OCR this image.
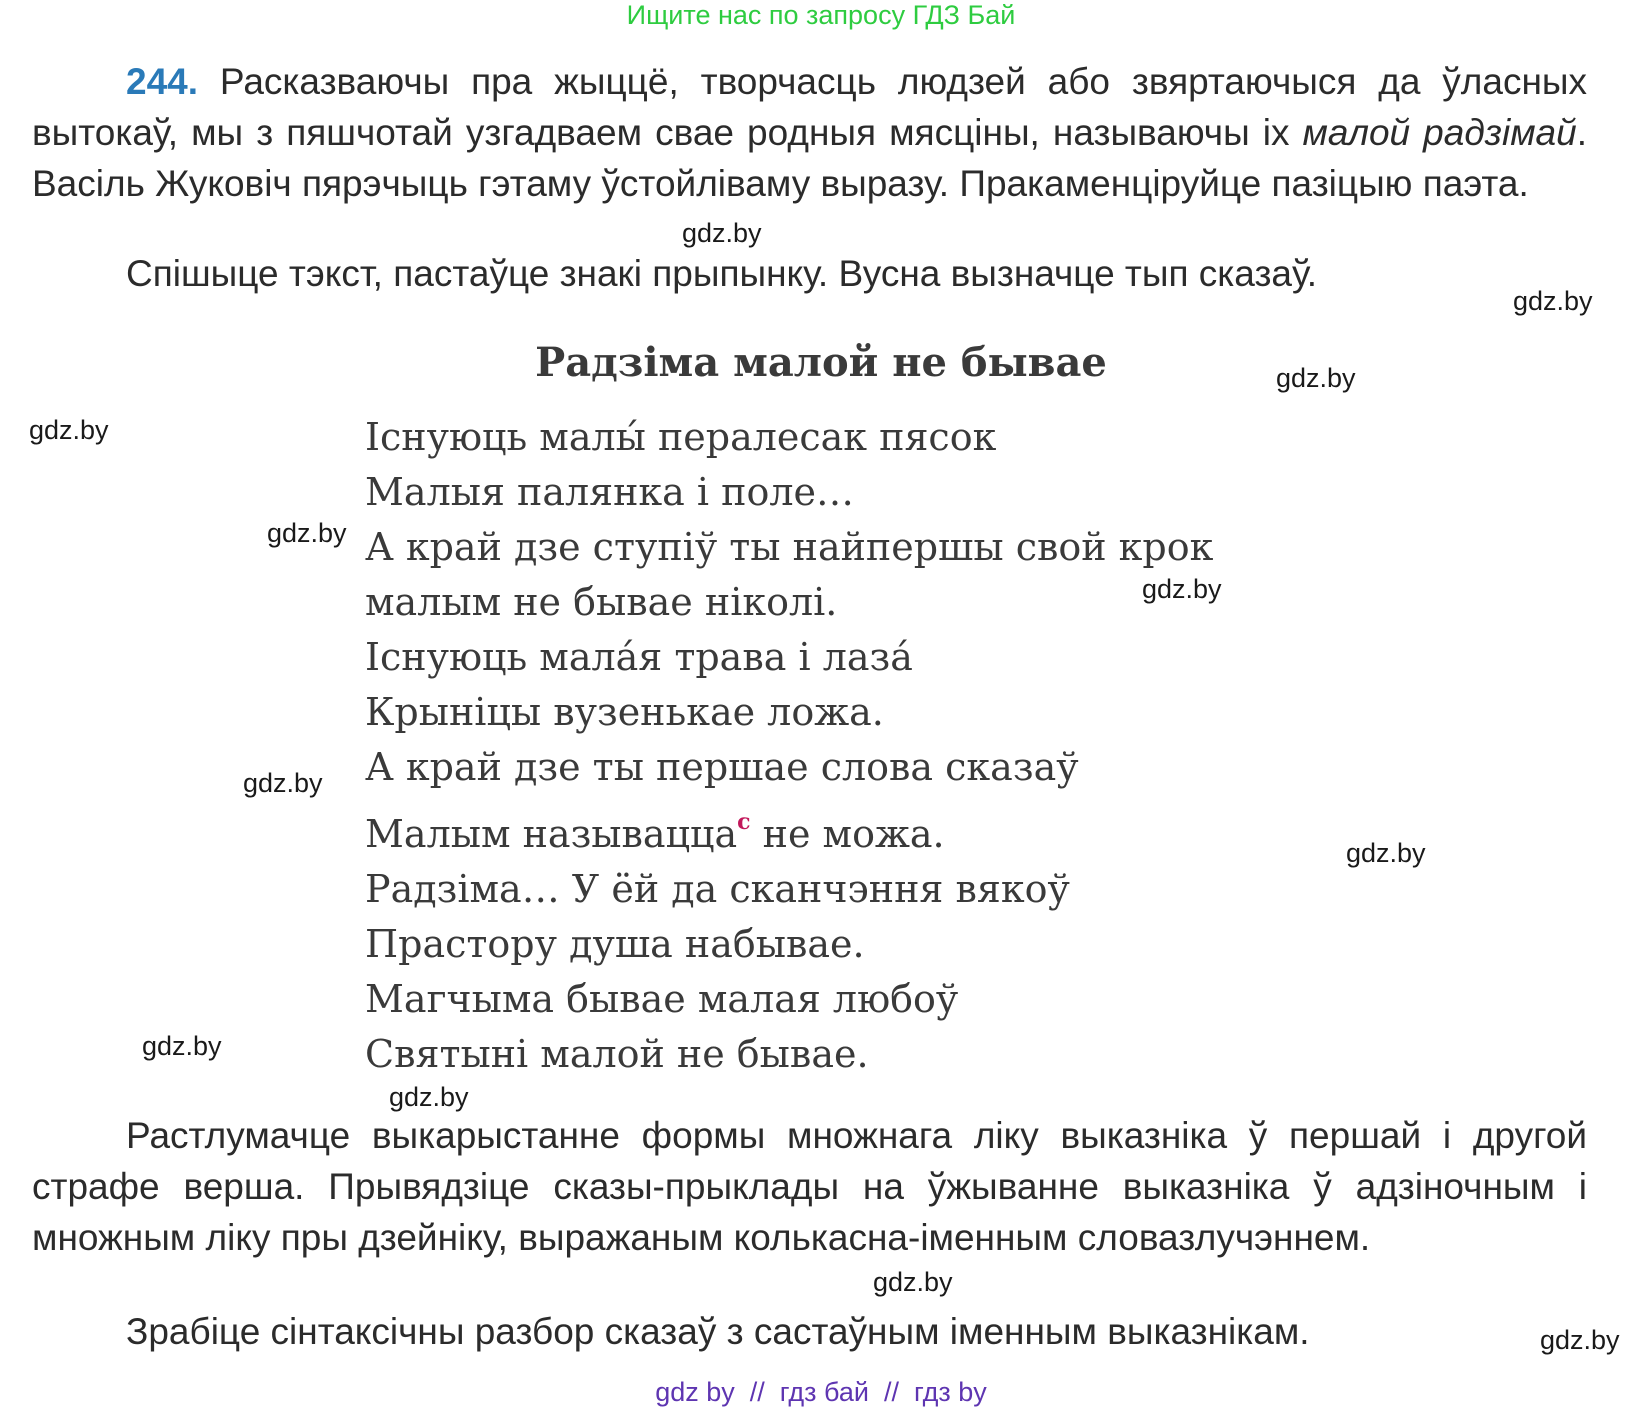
Ищите нас по запросу ГДЗ Бай
244. Расказваючы пра жыццё, творчасць людзей або звяртаючыся да ўласных вытокаў, мы з пяшчотай узгадваем свае родныя мясціны, называючы іх малой радзімай. Васіль Жуковіч пярэчыць гэтаму ўстойліваму выразу. Пракаменціруйце пазіцыю паэта.
Спішыце тэкст, пастаўце знакі прыпынку. Вусна вызначце тып сказаў.
Радзіма малой не бывае
Існуюць малы́ пералесак пясок
Малыя палянка і поле…
А край дзе ступіў ты найпершы свой крок
малым не бывае ніколі.
Існуюць мала́я трава і лаза́
Крыніцы вузенькае ложа.
А край дзе ты першае слова сказаў
Малым называцца$^с$ не можа.
Радзіма… У ёй да сканчэння вякоў
Прастору душа набывае.
Магчыма бывае малая любоў
Святыні малой не бывае.
Растлумачце выкарыстанне формы множнага ліку выказніка ў першай і другой страфе верша. Прывядзіце сказы-прыклады на ўжыванне выказніка ў адзіночным і множным ліку пры дзейніку, выражаным колькасна-іменным словазлучэннем.
Зрабіце сінтаксічны разбор сказаў з састаўным іменным выказнікам.
gdz.by
gdz.by
gdz.by
gdz.by
gdz.by
gdz.by
gdz.by
gdz.by
gdz.by
gdz.by
gdz.by
gdz.by
gdz by  //  гдз бай  //  гдз by
